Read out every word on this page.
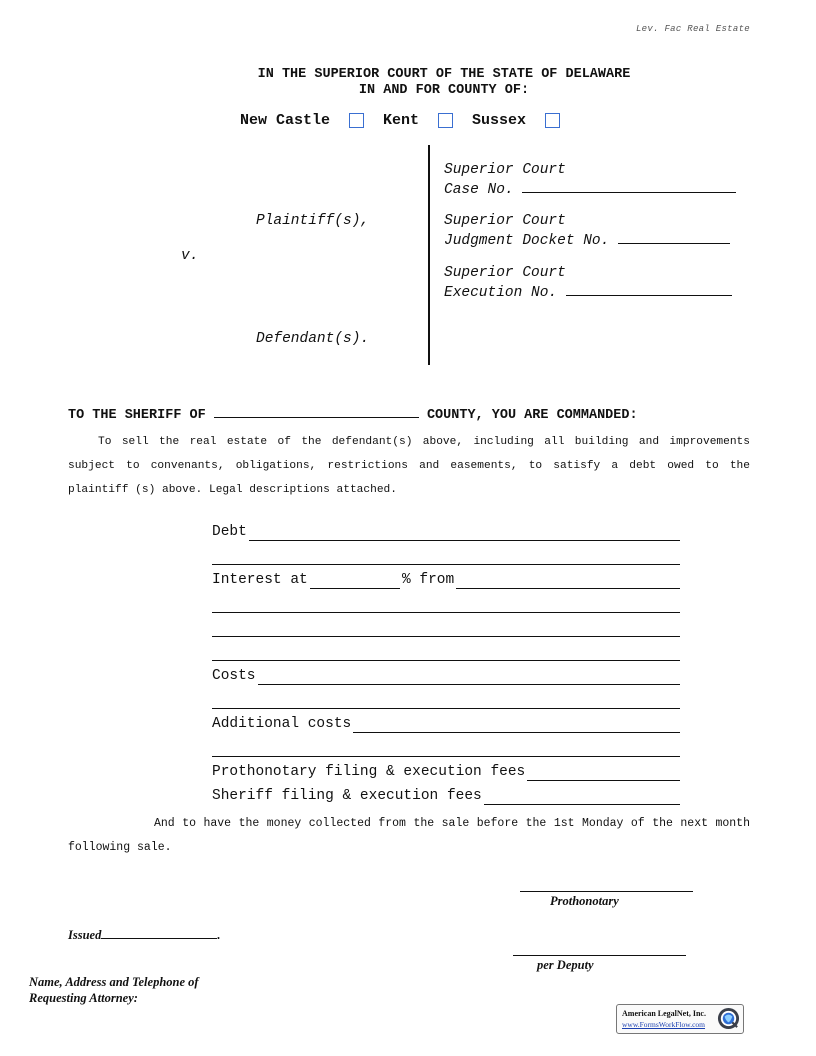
Lev. Fac Real Estate
IN THE SUPERIOR COURT OF THE STATE OF DELAWARE
IN AND FOR COUNTY OF:
New Castle	Kent	Sussex
Plaintiff(s),
v.
Defendant(s).
Superior Court
Case No.
Superior Court
Judgment Docket No.
Superior Court
Execution No.
TO THE SHERIFF OF	COUNTY, YOU ARE COMMANDED:
To sell the real estate of the defendant(s) above, including all building and improvements subject to convenants, obligations, restrictions and easements, to satisfy a debt owed to the plaintiff (s) above. Legal descriptions attached.
Debt
Interest at	% from
Costs
Additional costs
Prothonotary filing & execution fees
Sheriff filing & execution fees
And to have the money collected from the sale before the 1st Monday of the next month following sale.
Prothonotary
Issued	.
per Deputy
Name, Address and Telephone of
Requesting Attorney:
American LegalNet, Inc.
www.FormsWorkFlow.com
